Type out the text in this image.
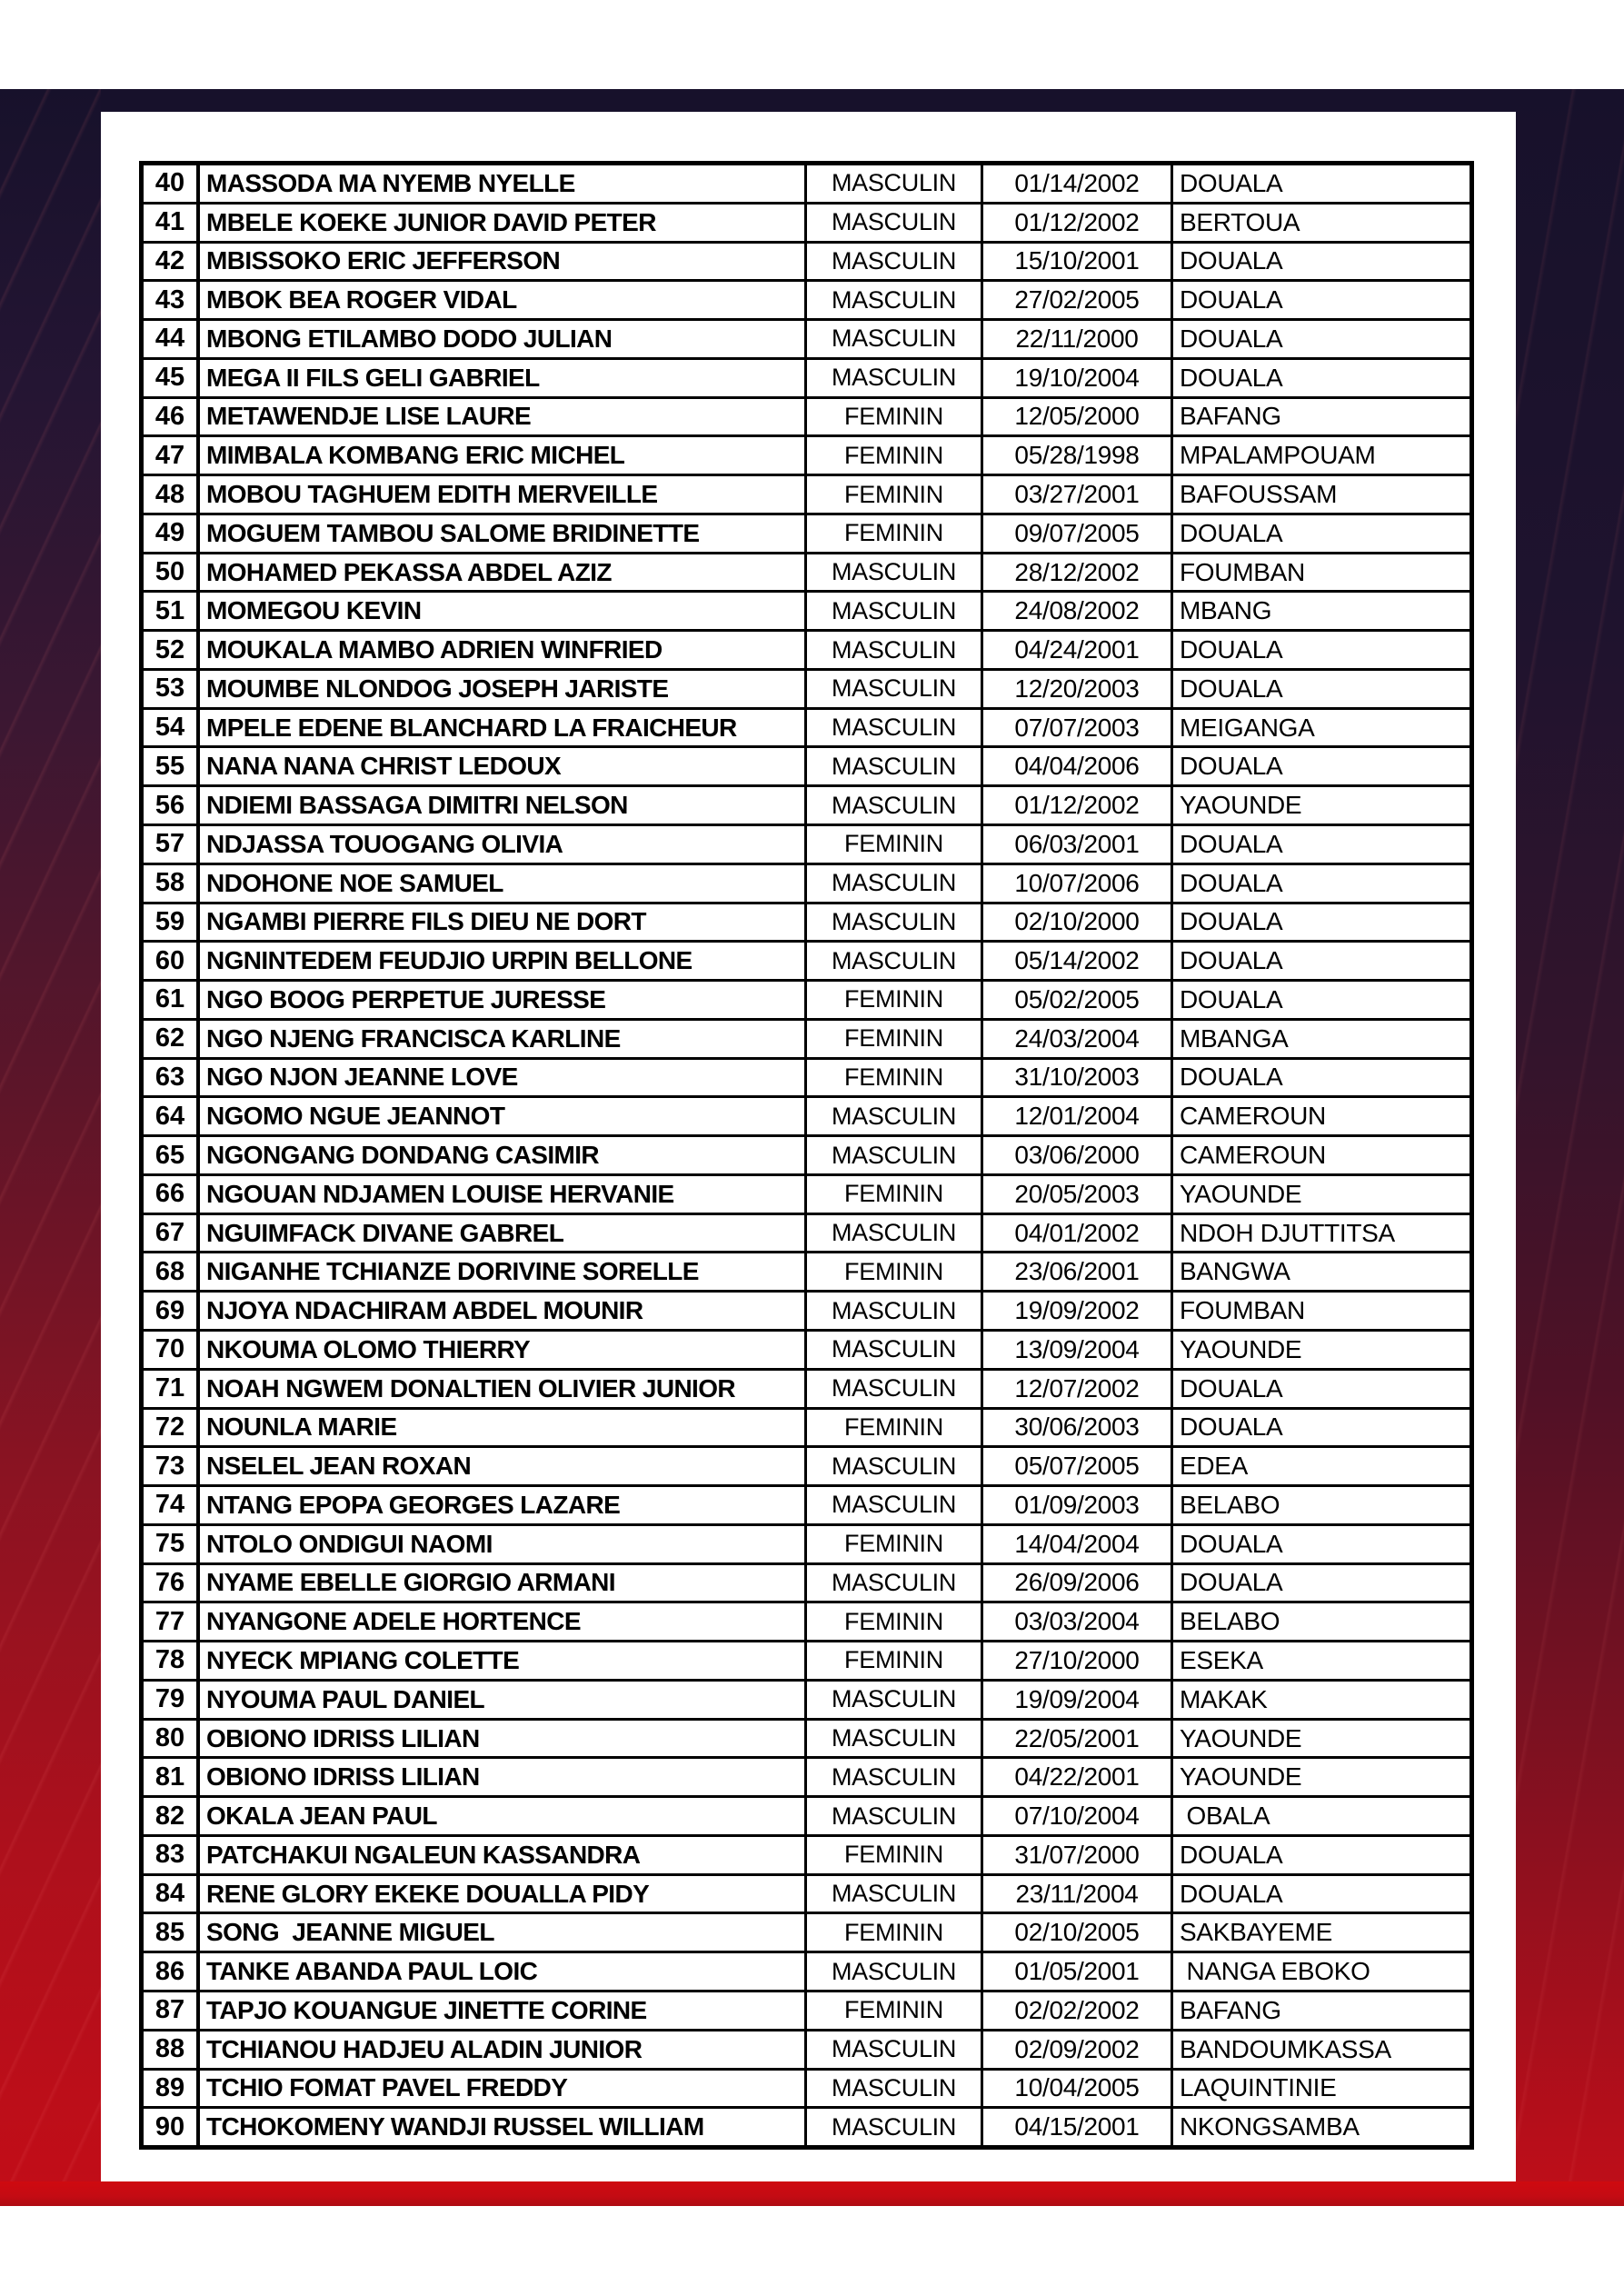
40 MASSODA MA NYEMB NYELLE	MASCULIN	01/14/2002	DOUALA
41 MBELE KOEKE JUNIOR DAVID PETER	MASCULIN	01/12/2002	BERTOUA
42 MBISSOKO ERIC JEFFERSON	MASCULIN	15/10/2001	DOUALA
43 MBOK BEA ROGER VIDAL	MASCULIN	27/02/2005	DOUALA
44 MBONG ETILAMBO DODO JULIAN	MASCULIN	22/11/2000	DOUALA
45 MEGA II FILS GELI GABRIEL	MASCULIN	19/10/2004	DOUALA
46 METAWENDJE LISE LAURE	FEMININ	12/05/2000	BAFANG
47 MIMBALA KOMBANG ERIC MICHEL	FEMININ	05/28/1998	MPALAMPOUAM
48 MOBOU TAGHUEM EDITH MERVEILLE	FEMININ	03/27/2001	BAFOUSSAM
49 MOGUEM TAMBOU SALOME BRIDINETTE	FEMININ	09/07/2005	DOUALA
50 MOHAMED PEKASSA ABDEL AZIZ	MASCULIN	28/12/2002	FOUMBAN
51 MOMEGOU KEVIN	MASCULIN	24/08/2002	MBANG
52 MOUKALA MAMBO ADRIEN WINFRIED	MASCULIN	04/24/2001	DOUALA
53 MOUMBE NLONDOG JOSEPH JARISTE	MASCULIN	12/20/2003	DOUALA
54 MPELE EDENE BLANCHARD LA FRAICHEUR	MASCULIN	07/07/2003	MEIGANGA
55 NANA NANA CHRIST LEDOUX	MASCULIN	04/04/2006	DOUALA
56 NDIEMI BASSAGA DIMITRI NELSON	MASCULIN	01/12/2002	YAOUNDE
57 NDJASSA TOUOGANG OLIVIA	FEMININ	06/03/2001	DOUALA
58 NDOHONE NOE SAMUEL	MASCULIN	10/07/2006	DOUALA
59 NGAMBI PIERRE FILS DIEU NE DORT	MASCULIN	02/10/2000	DOUALA
60 NGNINTEDEM FEUDJIO URPIN BELLONE	MASCULIN	05/14/2002	DOUALA
61 NGO BOOG PERPETUE JURESSE	FEMININ	05/02/2005	DOUALA
62 NGO NJENG FRANCISCA KARLINE	FEMININ	24/03/2004	MBANGA
63 NGO NJON JEANNE LOVE	FEMININ	31/10/2003	DOUALA
64 NGOMO NGUE JEANNOT	MASCULIN	12/01/2004	CAMEROUN
65 NGONGANG DONDANG CASIMIR	MASCULIN	03/06/2000	CAMEROUN
66 NGOUAN NDJAMEN LOUISE HERVANIE	FEMININ	20/05/2003	YAOUNDE
67 NGUIMFACK DIVANE GABREL	MASCULIN	04/01/2002	NDOH DJUTTITSA
68 NIGANHE TCHIANZE DORIVINE SORELLE	FEMININ	23/06/2001	BANGWA
69 NJOYA NDACHIRAM ABDEL MOUNIR	MASCULIN	19/09/2002	FOUMBAN
70 NKOUMA OLOMO THIERRY	MASCULIN	13/09/2004	YAOUNDE
71 NOAH NGWEM DONALTIEN OLIVIER JUNIOR	MASCULIN	12/07/2002	DOUALA
72 NOUNLA MARIE	FEMININ	30/06/2003	DOUALA
73 NSELEL JEAN ROXAN	MASCULIN	05/07/2005	EDEA
74 NTANG EPOPA GEORGES LAZARE	MASCULIN	01/09/2003	BELABO
75 NTOLO ONDIGUI NAOMI	FEMININ	14/04/2004	DOUALA
76 NYAME EBELLE GIORGIO ARMANI	MASCULIN	26/09/2006	DOUALA
77 NYANGONE ADELE HORTENCE	FEMININ	03/03/2004	BELABO
78 NYECK MPIANG COLETTE	FEMININ	27/10/2000	ESEKA
79 NYOUMA PAUL DANIEL	MASCULIN	19/09/2004	MAKAK
80 OBIONO IDRISS LILIAN	MASCULIN	22/05/2001	YAOUNDE
81 OBIONO IDRISS LILIAN	MASCULIN	04/22/2001	YAOUNDE
82 OKALA JEAN PAUL	MASCULIN	07/10/2004	OBALA
83 PATCHAKUI NGALEUN KASSANDRA	FEMININ	31/07/2000	DOUALA
84 RENE GLORY EKEKE DOUALLA PIDY	MASCULIN	23/11/2004	DOUALA
85 SONG  JEANNE MIGUEL	FEMININ	02/10/2005	SAKBAYEME
86 TANKE ABANDA PAUL LOIC	MASCULIN	01/05/2001	NANGA EBOKO
87 TAPJO KOUANGUE JINETTE CORINE	FEMININ	02/02/2002	BAFANG
88 TCHIANOU HADJEU ALADIN JUNIOR	MASCULIN	02/09/2002	BANDOUMKASSA
89 TCHIO FOMAT PAVEL FREDDY	MASCULIN	10/04/2005	LAQUINTINIE
90 TCHOKOMENY WANDJI RUSSEL WILLIAM	MASCULIN	04/15/2001	NKONGSAMBA
